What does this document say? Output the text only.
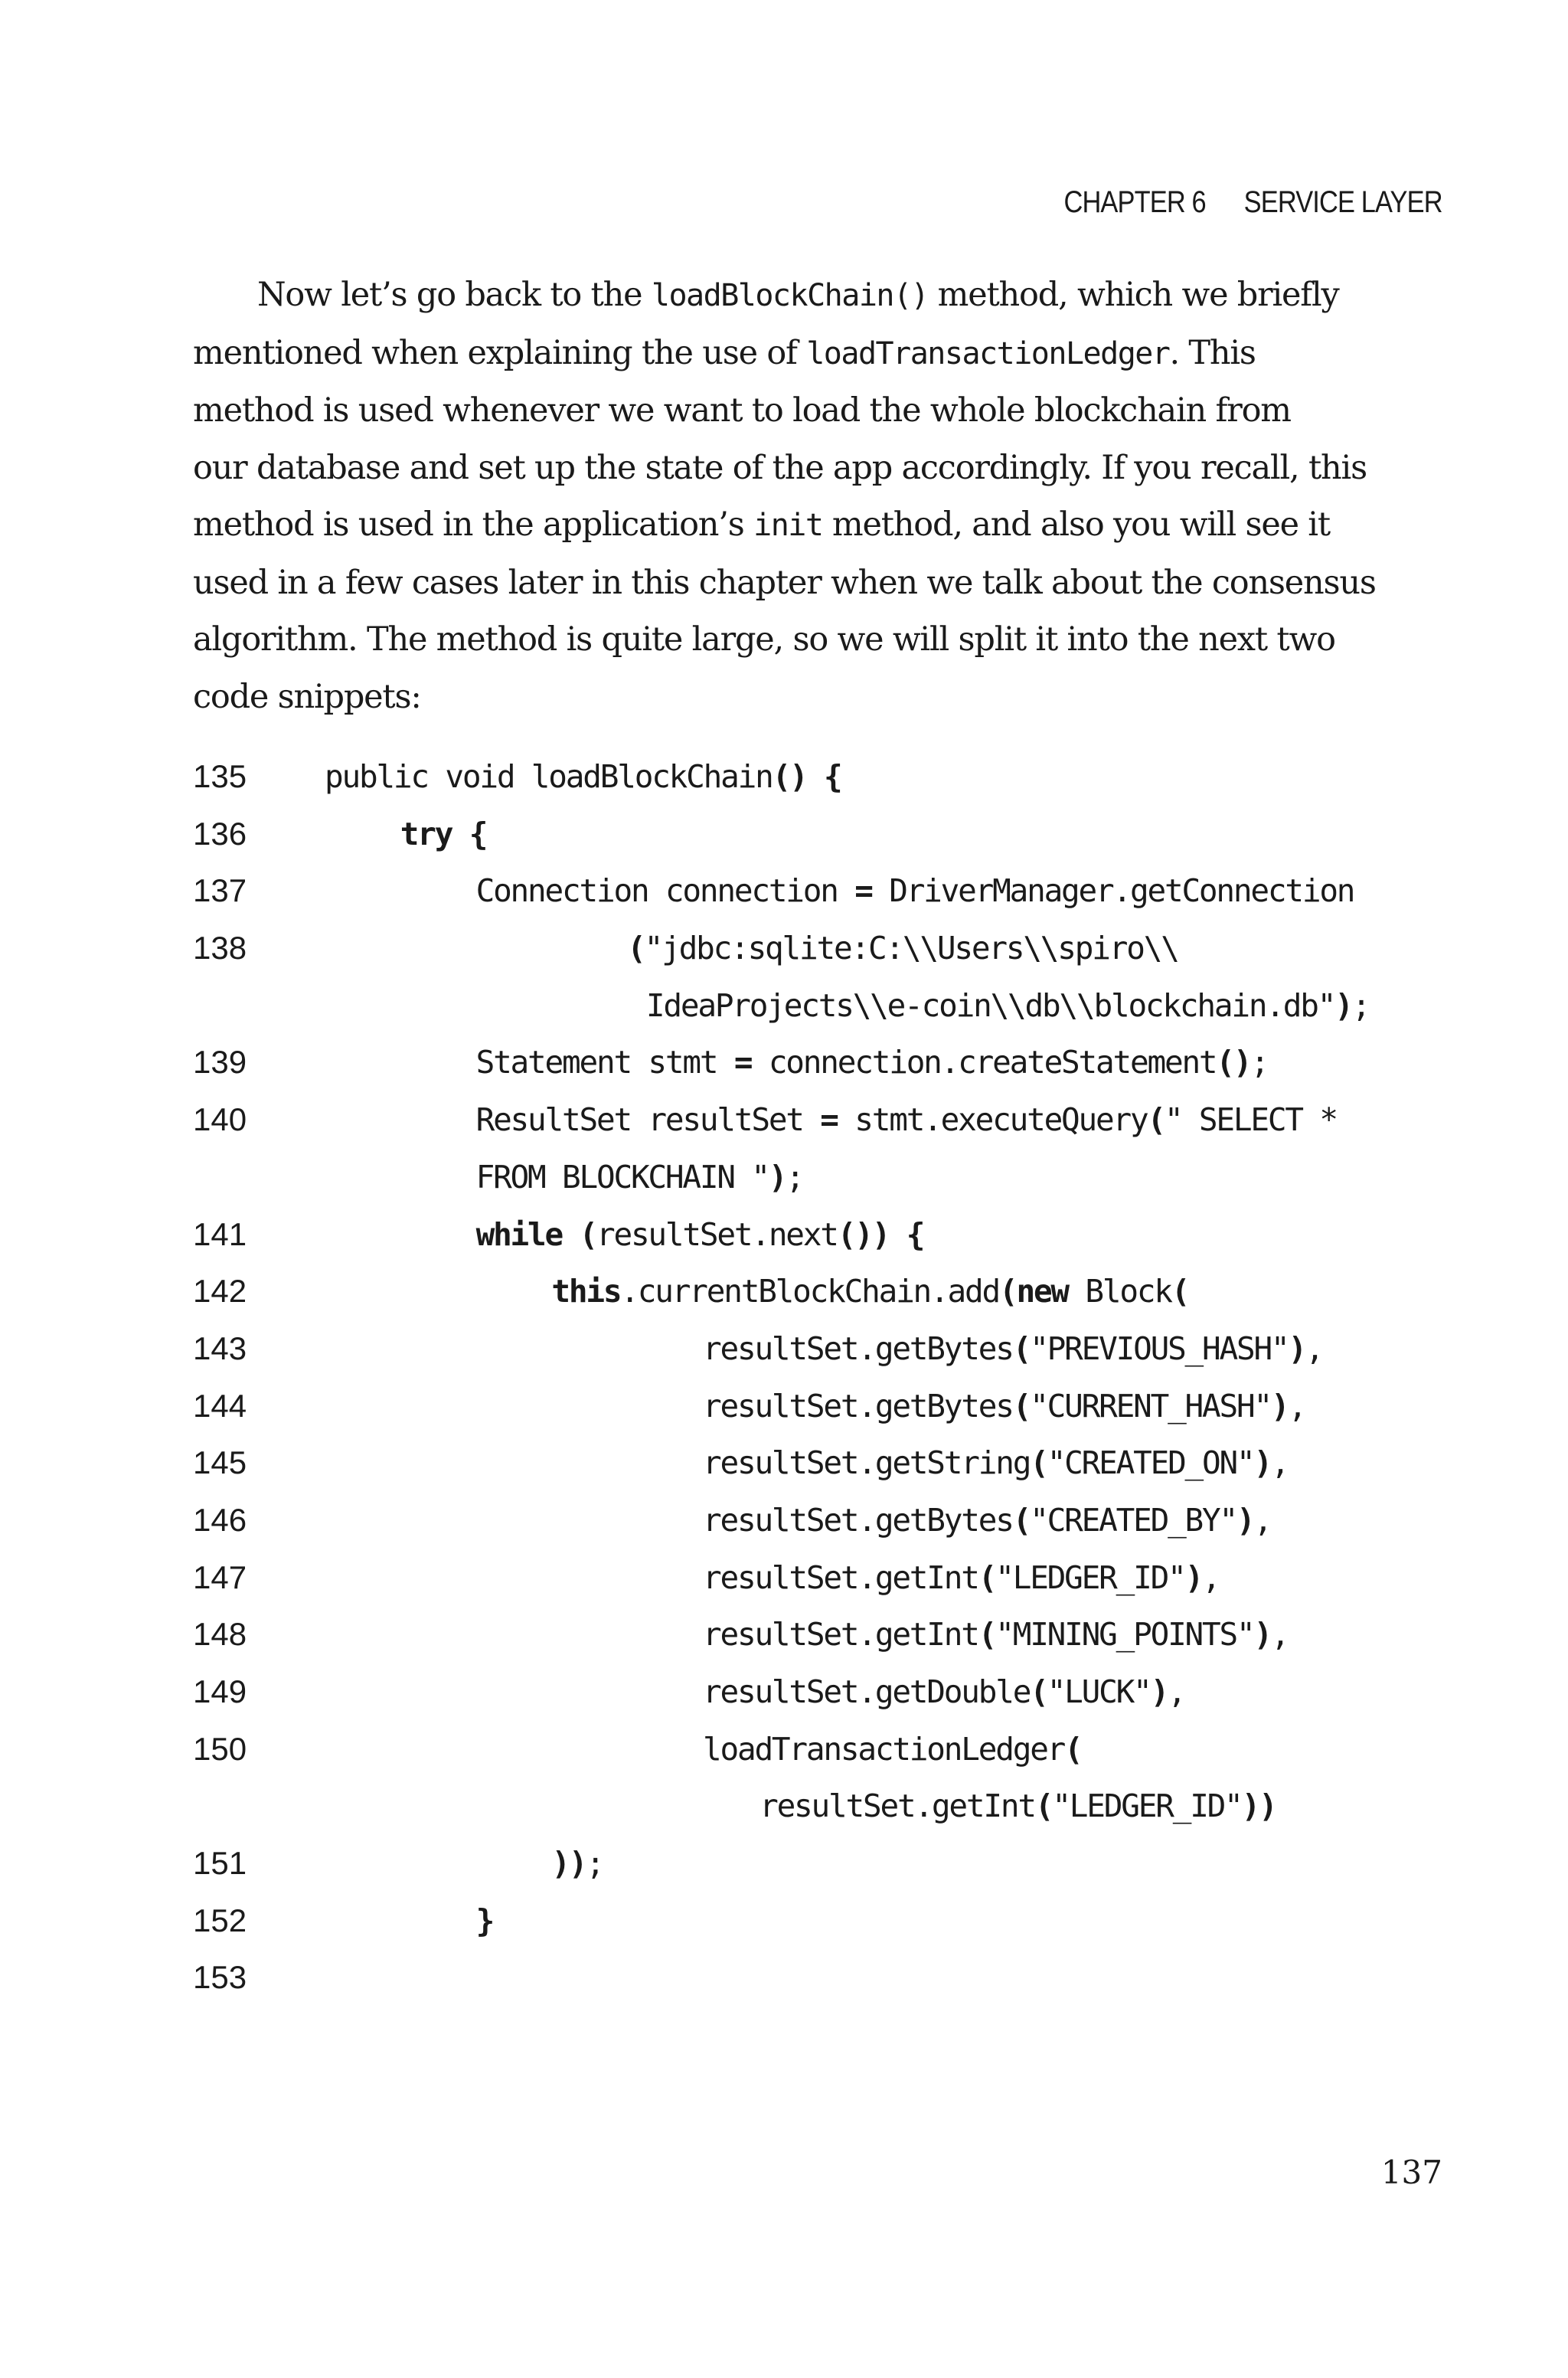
CHAPTER 6 SERVICE LAYER
Now let’s go back to the loadBlockChain() method, which we briefly
mentioned when explaining the use of loadTransactionLedger. This
method is used whenever we want to load the whole blockchain from
our database and set up the state of the app accordingly. If you recall, this
method is used in the application’s init method, and also you will see it
used in a few cases later in this chapter when we talk about the consensus
algorithm. The method is quite large, so we will split it into the next two
code snippets:
135	public void loadBlockChain() {
136	try {
137	Connection connection = DriverManager.getConnection
138	("jdbc:sqlite:C:\\Users\\spiro\\
IdeaProjects\\e-coin\\db\\blockchain.db");
139	Statement stmt = connection.createStatement();
140	ResultSet resultSet = stmt.executeQuery(" SELECT *
FROM BLOCKCHAIN ");
141	while (resultSet.next()) {
142	this.currentBlockChain.add(new Block(
143	resultSet.getBytes("PREVIOUS_HASH"),
144	resultSet.getBytes("CURRENT_HASH"),
145	resultSet.getString("CREATED_ON"),
146	resultSet.getBytes("CREATED_BY"),
147	resultSet.getInt("LEDGER_ID"),
148	resultSet.getInt("MINING_POINTS"),
149	resultSet.getDouble("LUCK"),
150	loadTransactionLedger(
resultSet.getInt("LEDGER_ID"))
151	));
152	}
153
137
